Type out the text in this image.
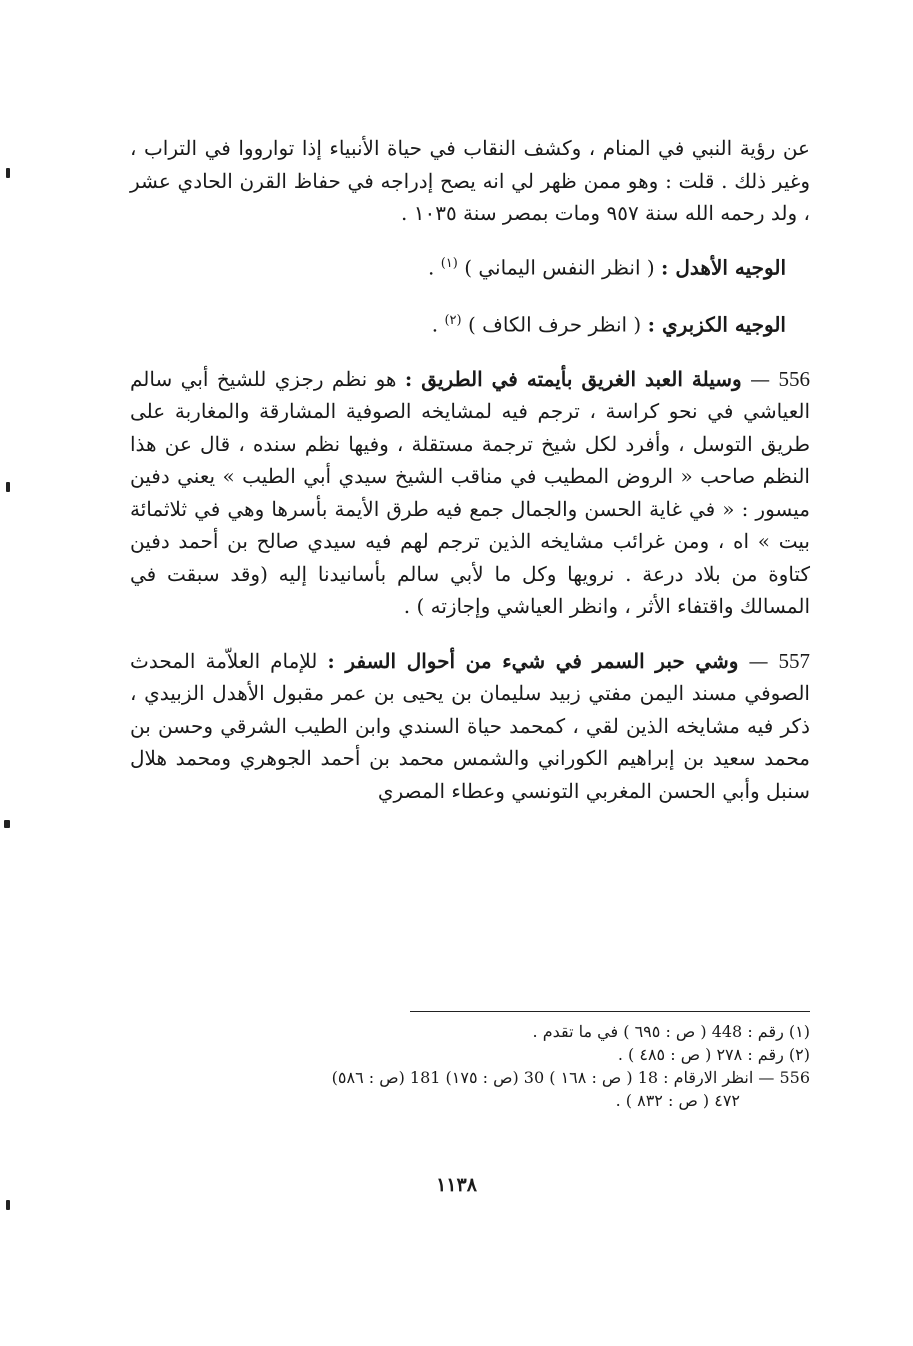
عن رؤية النبي في المنام ، وكشف النقاب في حياة الأنبياء إذا توارووا في التراب ، وغير ذلك . قلت : وهو ممن ظهر لي انه يصح إدراجه في حفاظ القرن الحادي عشر ، ولد رحمه الله سنة ٩٥٧ ومات بمصر سنة ١٠٣٥ .

الوجيه الأهدل : ( انظر النفس اليماني ) $^{(١)}$ .

الوجيه الكزبري : ( انظر حرف الكاف ) $^{(٢)}$ .

556 — وسيلة العبد الغريق بأيمته في الطريق : هو نظم رجزي للشيخ أبي سالم العياشي في نحو كراسة ، ترجم فيه لمشايخه الصوفية المشارقة والمغاربة على طريق التوسل ، وأفرد لكل شيخ ترجمة مستقلة ، وفيها نظم سنده ، قال عن هذا النظم صاحب « الروض المطيب في مناقب الشيخ سيدي أبي الطيب » يعني دفين ميسور : « في غاية الحسن والجمال جمع فيه طرق الأيمة بأسرها وهي في ثلاثمائة بيت » اه ، ومن غرائب مشايخه الذين ترجم لهم فيه سيدي صالح بن أحمد دفين كتاوة من بلاد درعة . نرويها وكل ما لأبي سالم بأسانيدنا إليه (وقد سبقت في المسالك واقتفاء الأثر ، وانظر العياشي وإجازته ) .

557 — وشي حبر السمر في شيء من أحوال السفر : للإمام العلاّمة المحدث الصوفي مسند اليمن مفتي زبيد سليمان بن يحيى بن عمر مقبول الأهدل الزبيدي ، ذكر فيه مشايخه الذين لقي ، كمحمد حياة السندي وابن الطيب الشرقي وحسن بن محمد سعيد بن إبراهيم الكوراني والشمس محمد بن أحمد الجوهري ومحمد هلال سنبل وأبي الحسن المغربي التونسي وعطاء المصري

(١) رقم : 448 ( ص : ٦٩٥ ) في ما تقدم .
(٢) رقم : ٢٧٨ ( ص : ٤٨٥ ) .
556 — انظر الارقام : 18 ( ص : ١٦٨ ) 30 (ص : ١٧٥) 181 (ص : ٥٨٦)
٤٧٢ ( ص : ٨٣٢ ) .
١١٣٨
